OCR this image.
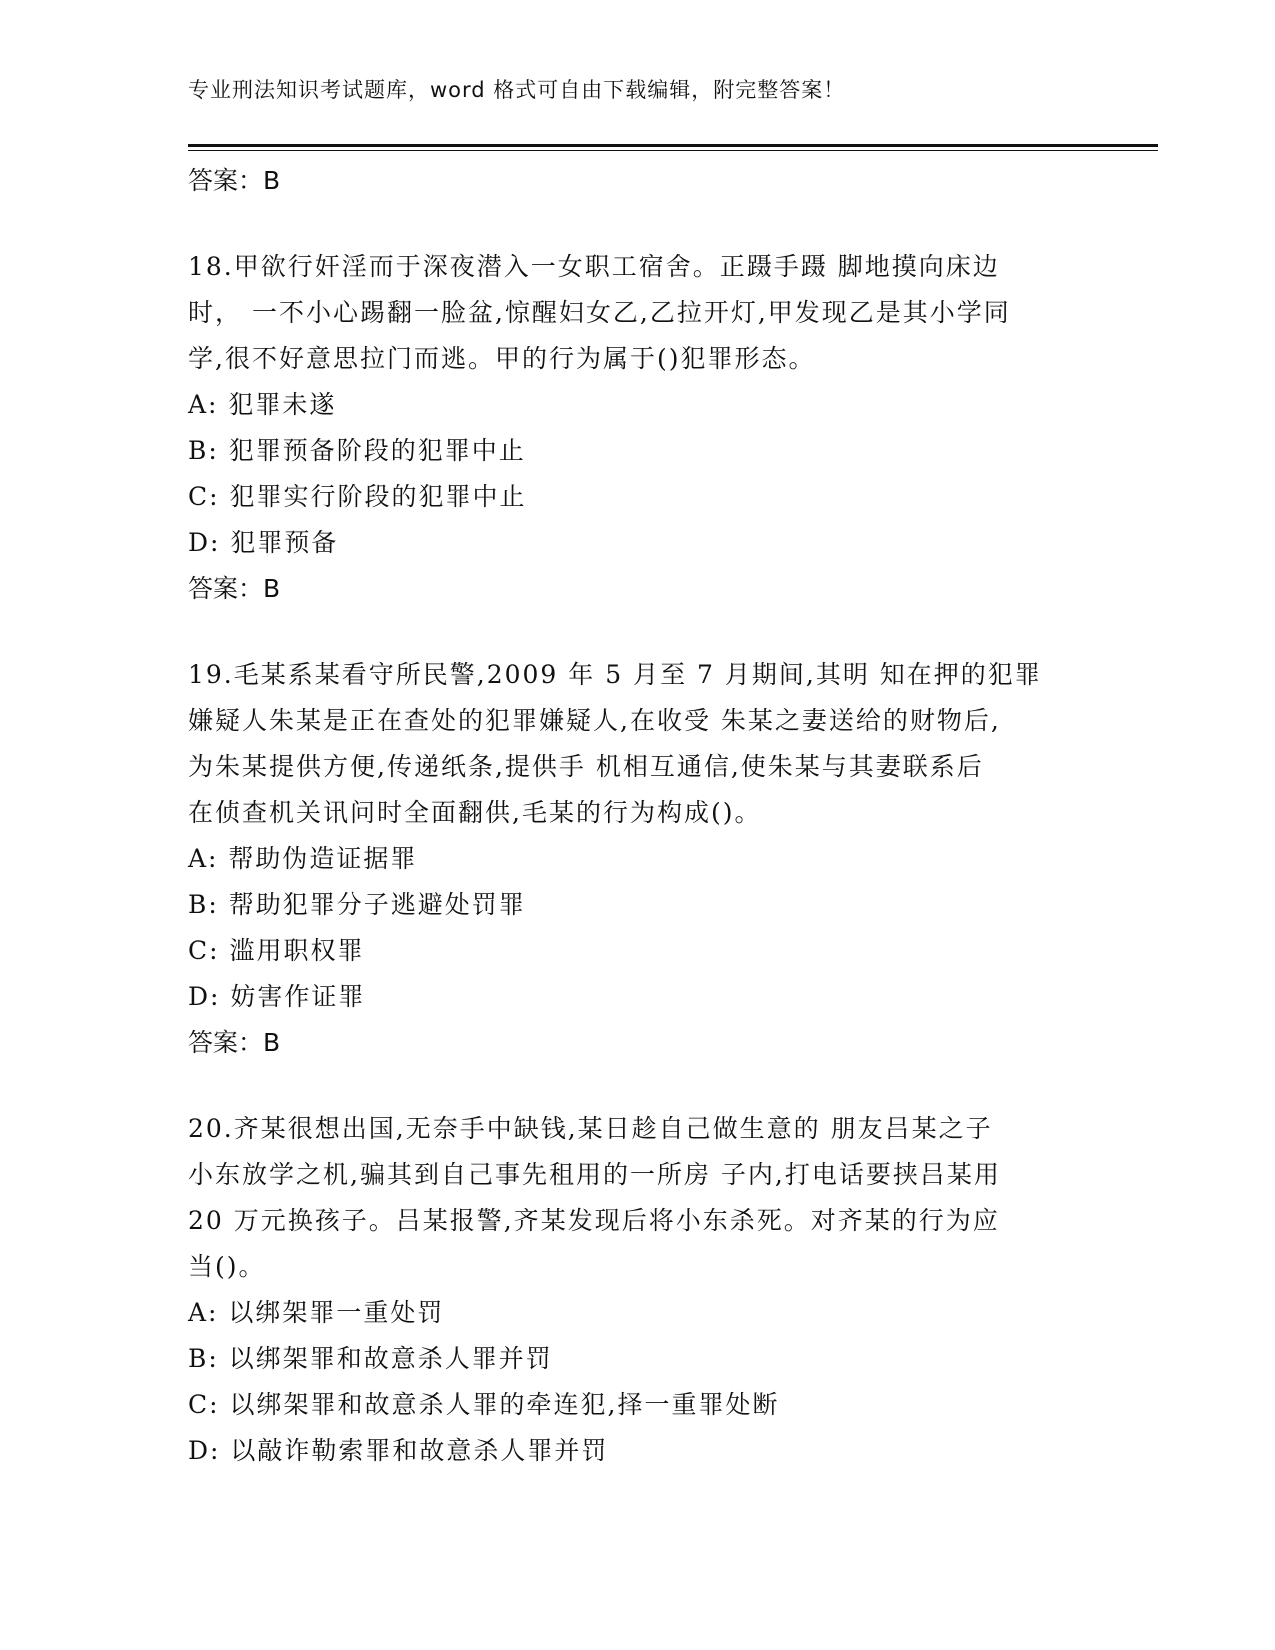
专业刑法知识考试题库，word 格式可自由下载编辑，附完整答案！
答案：B
18.甲欲行奸淫而于深夜潜入一女职工宿舍。正蹑手蹑 脚地摸向床边
时， 一不小心踢翻一脸盆,惊醒妇女乙,乙拉开灯,甲发现乙是其小学同
学,很不好意思拉门而逃。甲的行为属于()犯罪形态。
A: 犯罪未遂
B: 犯罪预备阶段的犯罪中止
C: 犯罪实行阶段的犯罪中止
D: 犯罪预备
答案：B
19.毛某系某看守所民警,2009 年 5 月至 7 月期间,其明 知在押的犯罪
嫌疑人朱某是正在查处的犯罪嫌疑人,在收受 朱某之妻送给的财物后,
为朱某提供方便,传递纸条,提供手 机相互通信,使朱某与其妻联系后
在侦查机关讯问时全面翻供,毛某的行为构成()。
A: 帮助伪造证据罪
B: 帮助犯罪分子逃避处罚罪
C: 滥用职权罪
D: 妨害作证罪
答案：B
20.齐某很想出国,无奈手中缺钱,某日趁自己做生意的 朋友吕某之子
小东放学之机,骗其到自己事先租用的一所房 子内,打电话要挟吕某用
20 万元换孩子。吕某报警,齐某发现后将小东杀死。对齐某的行为应
当()。
A: 以绑架罪一重处罚
B: 以绑架罪和故意杀人罪并罚
C: 以绑架罪和故意杀人罪的牵连犯,择一重罪处断
D: 以敲诈勒索罪和故意杀人罪并罚
